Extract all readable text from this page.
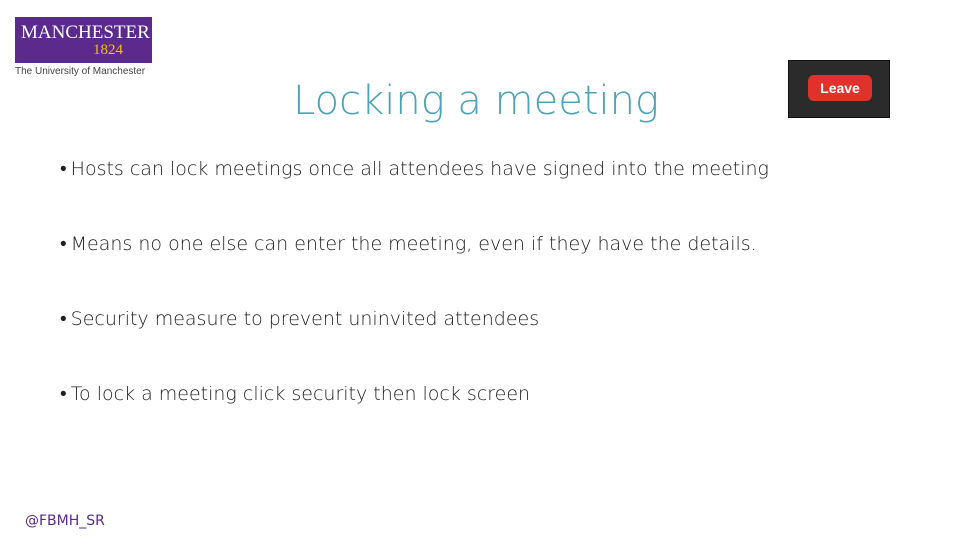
MANCHESTER
1824
The University of Manchester
Locking a meeting	Leave
• Hosts can lock meetings once all attendees have signed into the meeting
• Means no one else can enter the meeting, even if they have the details.
• Security measure to prevent uninvited attendees
• To lock a meeting click security then lock screen
@FBMH_SR
